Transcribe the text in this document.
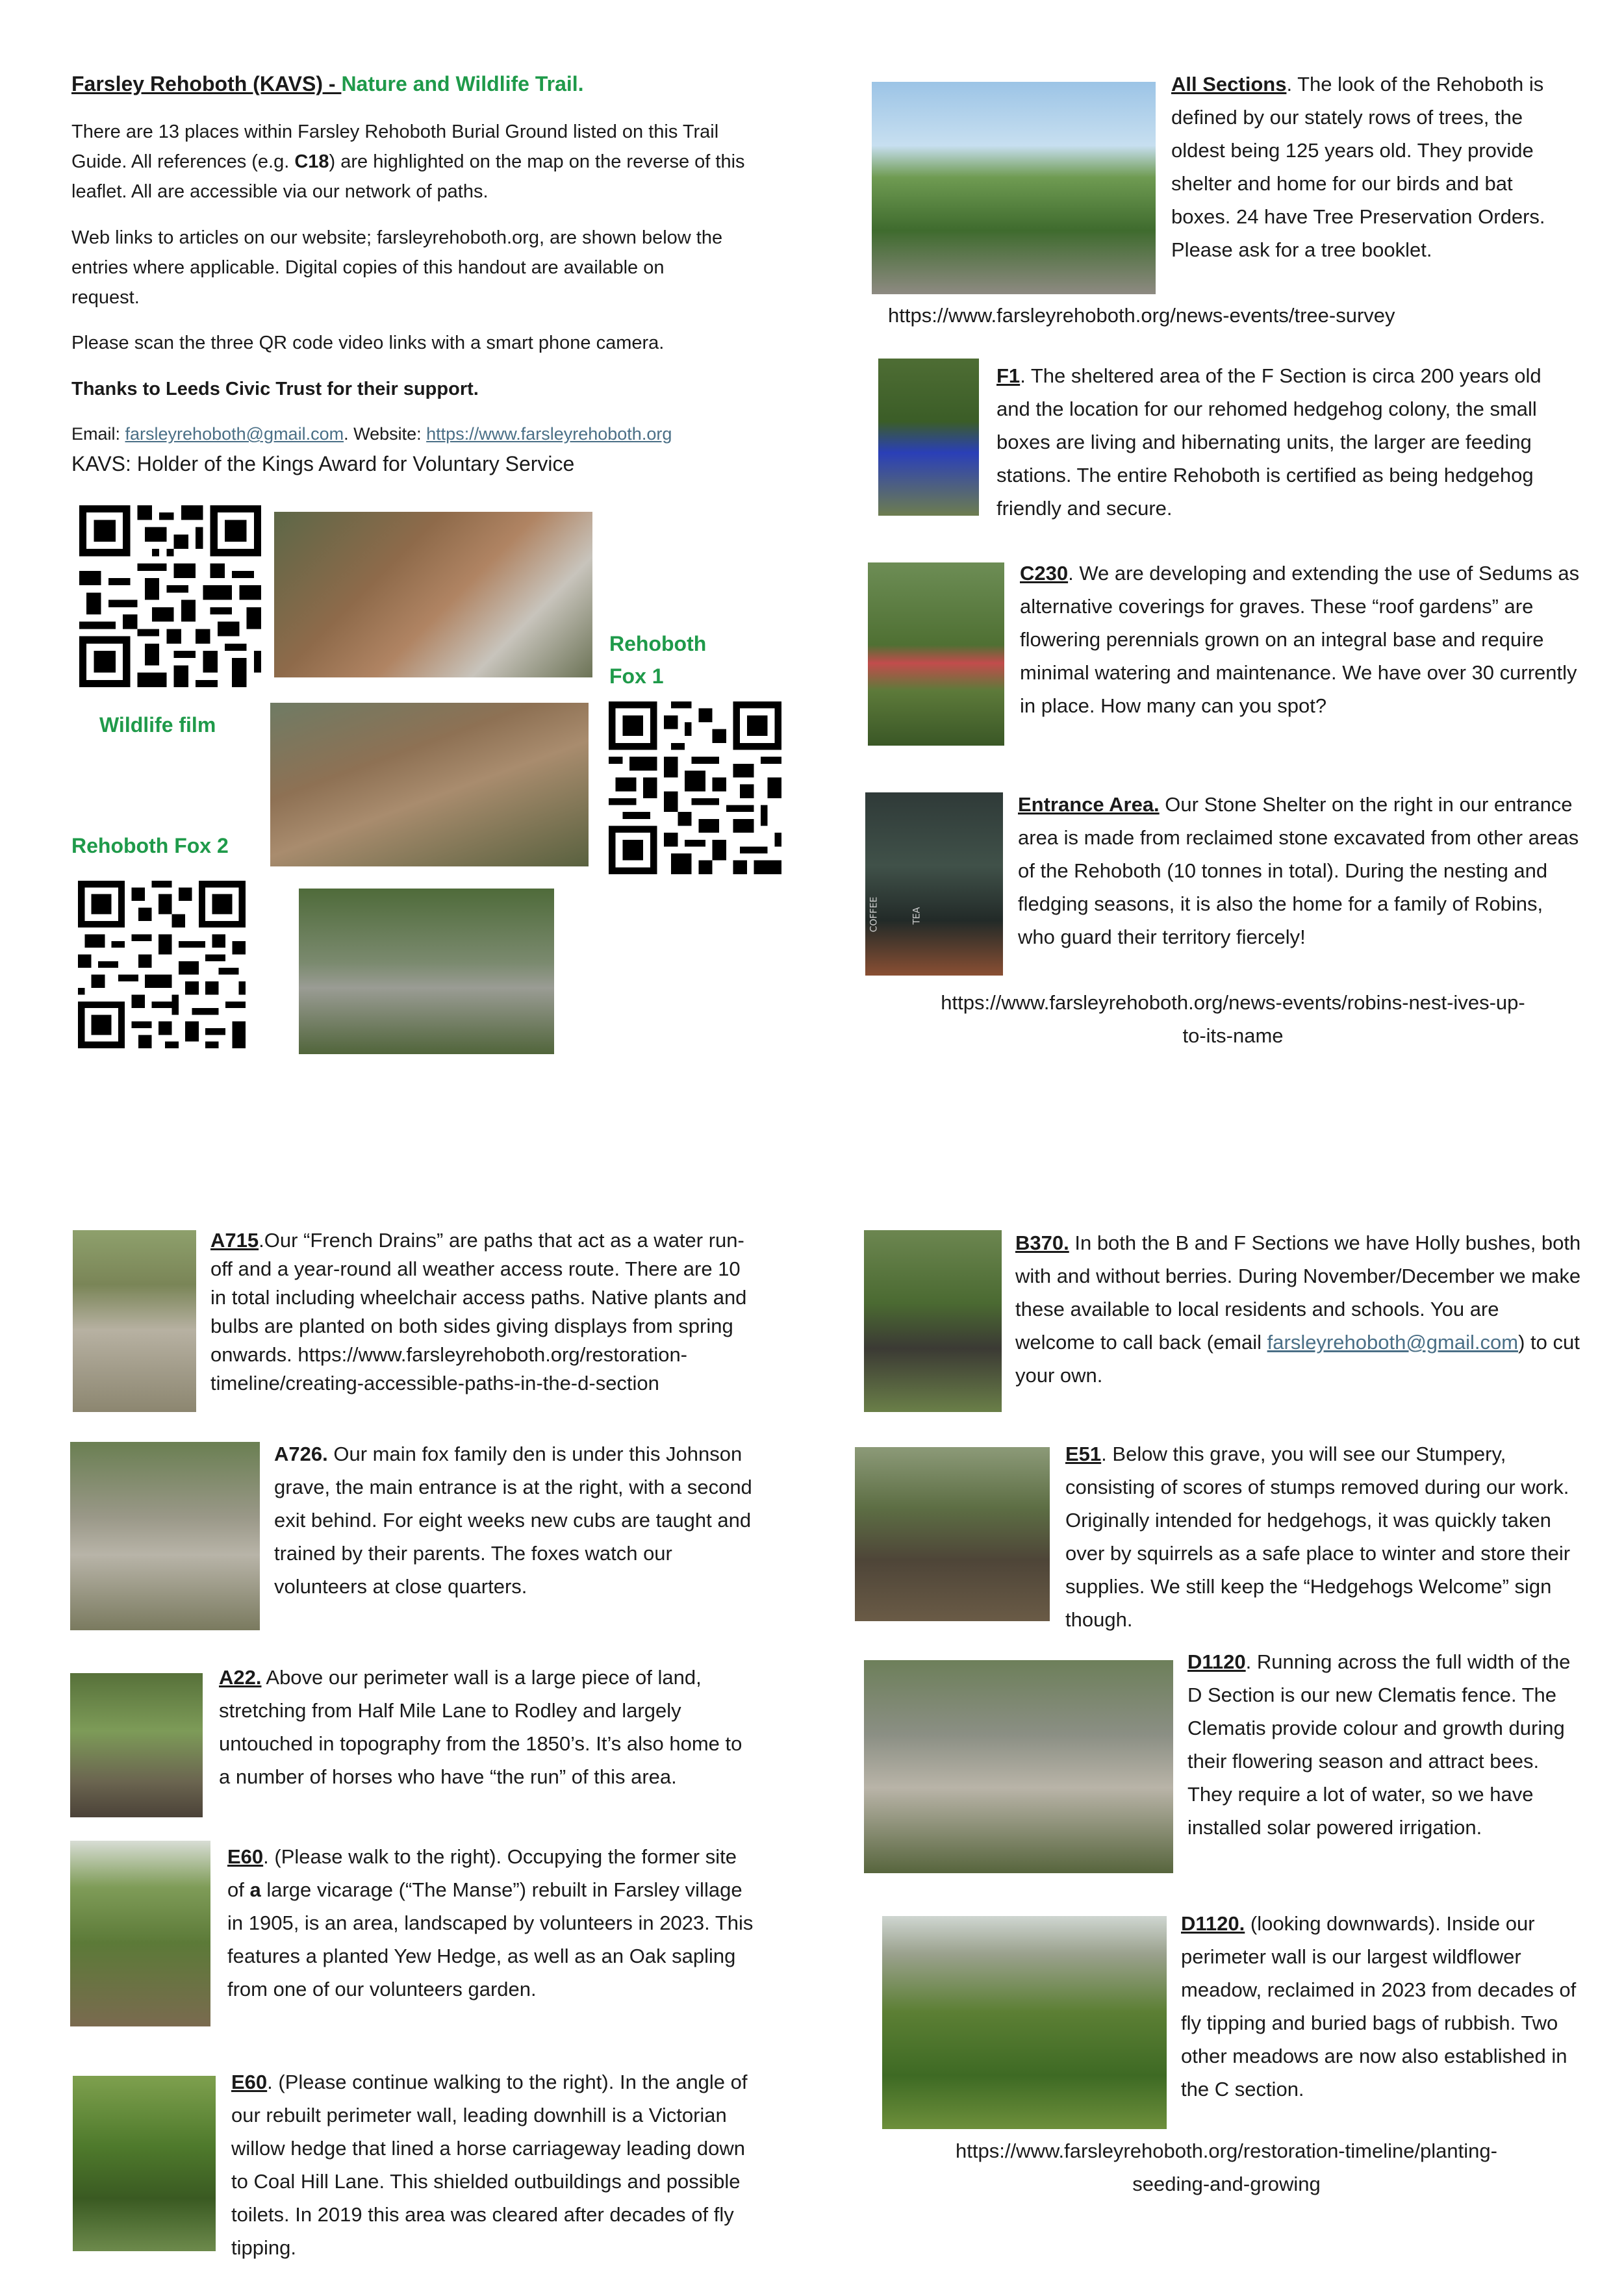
Farsley Rehoboth (KAVS) - Nature and Wildlife Trail.
There are 13 places within Farsley Rehoboth Burial Ground listed on this Trail Guide. All references (e.g. C18) are highlighted on the map on the reverse of this leaflet. All are accessible via our network of paths.
Web links to articles on our website; farsleyrehoboth.org, are shown below the entries where applicable. Digital copies of this handout are available on request.
Please scan the three QR code video links with a smart phone camera.
Thanks to Leeds Civic Trust for their support.
Email: farsleyrehoboth@gmail.com. Website: https://www.farsleyrehoboth.org
KAVS: Holder of the Kings Award for Voluntary Service
Rehoboth
Fox 1
Wildlife film
Rehoboth Fox 2
All Sections. The look of the Rehoboth is defined by our stately rows of trees, the oldest being 125 years old. They provide shelter and home for our birds and bat boxes. 24 have Tree Preservation Orders. Please ask for a tree booklet.
https://www.farsleyrehoboth.org/news-events/tree-survey
F1. The sheltered area of the F Section is circa 200 years old and the location for our rehomed hedgehog colony, the small boxes are living and hibernating units, the larger are feeding stations. The entire Rehoboth is certified as being hedgehog friendly and secure.
C230. We are developing and extending the use of Sedums as alternative coverings for graves. These “roof gardens” are flowering perennials grown on an integral base and require minimal watering and maintenance. We have over 30 currently in place. How many can you spot?
COFFEE	TEA
Entrance Area. Our Stone Shelter on the right in our entrance area is made from reclaimed stone excavated from other areas of the Rehoboth (10 tonnes in total). During the nesting and fledging seasons, it is also the home for a family of Robins, who guard their territory fiercely!
https://www.farsleyrehoboth.org/news-events/robins-nest-ives-up-
to-its-name
A715.Our “French Drains” are paths that act as a water run-off and a year-round all weather access route. There are 10 in total including wheelchair access paths. Native plants and bulbs are planted on both sides giving displays from spring onwards. https://www.farsleyrehoboth.org/restoration-timeline/creating-accessible-paths-in-the-d-section
A726. Our main fox family den is under this Johnson grave, the main entrance is at the right, with a second exit behind. For eight weeks new cubs are taught and trained by their parents. The foxes watch our volunteers at close quarters.
A22. Above our perimeter wall is a large piece of land, stretching from Half Mile Lane to Rodley and largely untouched in topography from the 1850’s. It’s also home to a number of horses who have “the run” of this area.
E60. (Please walk to the right). Occupying the former site of a large vicarage (“The Manse”) rebuilt in Farsley village in 1905, is an area, landscaped by volunteers in 2023. This features a planted Yew Hedge, as well as an Oak sapling from one of our volunteers garden.
E60. (Please continue walking to the right). In the angle of our rebuilt perimeter wall, leading downhill is a Victorian willow hedge that lined a horse carriageway leading down to Coal Hill Lane. This shielded outbuildings and possible toilets. In 2019 this area was cleared after decades of fly tipping.
B370. In both the B and F Sections we have Holly bushes, both with and without berries. During November/December we make these available to local residents and schools. You are welcome to call back (email farsleyrehoboth@gmail.com) to cut your own.
E51. Below this grave, you will see our Stumpery, consisting of scores of stumps removed during our work. Originally intended for hedgehogs, it was quickly taken over by squirrels as a safe place to winter and store their supplies. We still keep the “Hedgehogs Welcome” sign though.
D1120. Running across the full width of the D Section is our new Clematis fence. The Clematis provide colour and growth during their flowering season and attract bees. They require a lot of water, so we have installed solar powered irrigation.
D1120. (looking downwards). Inside our perimeter wall is our largest wildflower meadow, reclaimed in 2023 from decades of fly tipping and buried bags of rubbish. Two other meadows are now also established in the C section.
https://www.farsleyrehoboth.org/restoration-timeline/planting-
seeding-and-growing
